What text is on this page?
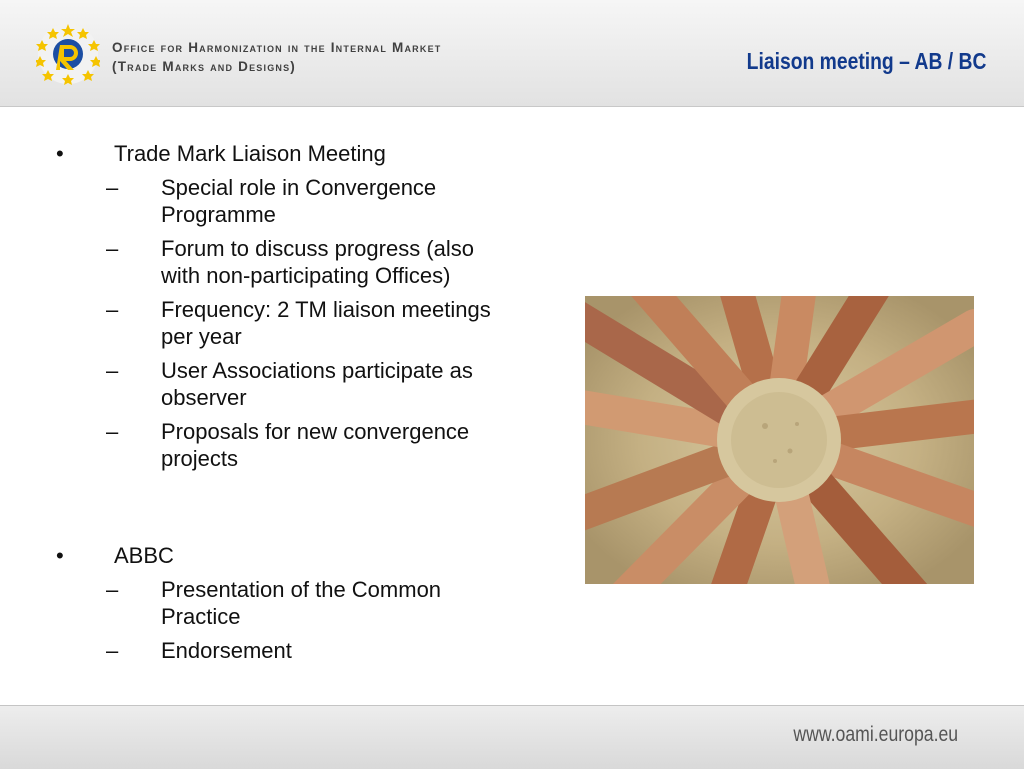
Office for Harmonization in the Internal Market
(Trade Marks and Designs)	Liaison meeting – AB / BC
• Trade Mark Liaison Meeting
– Special role in Convergence Programme
– Forum to discuss progress (also with non-participating Offices)
– Frequency: 2 TM liaison meetings per year
– User Associations participate as observer
– Proposals for new convergence projects
• ABBC
– Presentation of the Common Practice
– Endorsement
www.oami.europa.eu
